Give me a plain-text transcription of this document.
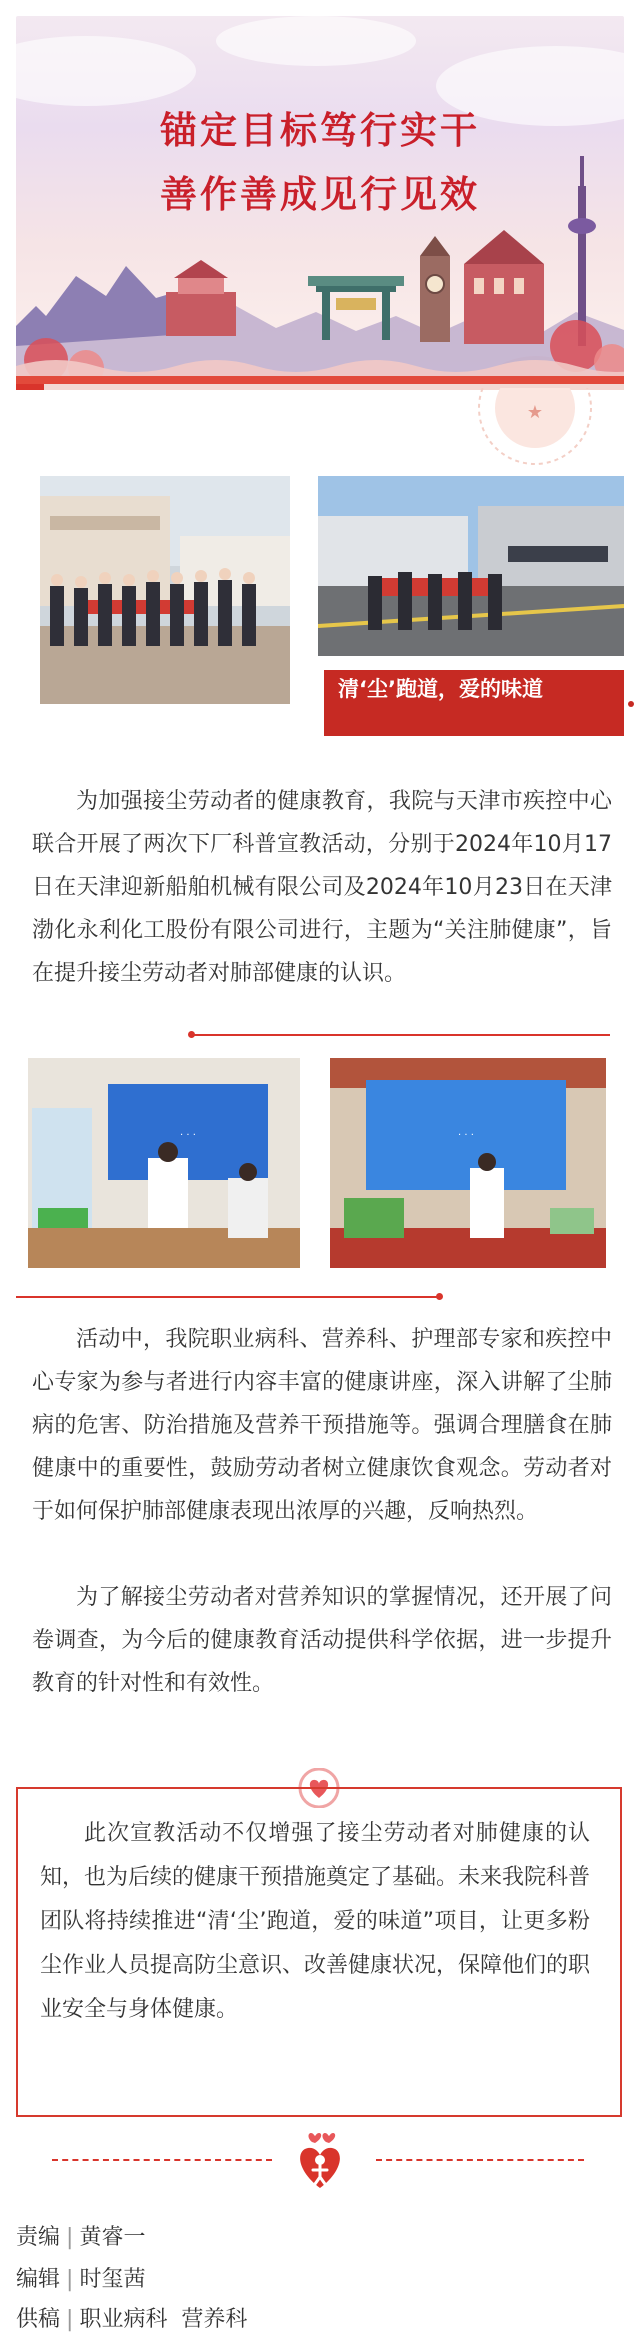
锚定目标笃行实干
善作善成见行见效
★
清‘尘’跑道，爱的味道
为加强接尘劳动者的健康教育，我院与天津市疾控中心联合开展了两次下厂科普宣教活动，分别于2024年10月17日在天津迎新船舶机械有限公司及2024年10月23日在天津渤化永利化工股份有限公司进行，主题为“关注肺健康”，旨在提升接尘劳动者对肺部健康的认识。
· · ·	· · ·
活动中，我院职业病科、营养科、护理部专家和疾控中心专家为参与者进行内容丰富的健康讲座，深入讲解了尘肺病的危害、防治措施及营养干预措施等。强调合理膳食在肺健康中的重要性，鼓励劳动者树立健康饮食观念。劳动者对于如何保护肺部健康表现出浓厚的兴趣，反响热烈。
为了解接尘劳动者对营养知识的掌握情况，还开展了问卷调查，为今后的健康教育活动提供科学依据，进一步提升教育的针对性和有效性。
此次宣教活动不仅增强了接尘劳动者对肺健康的认知，也为后续的健康干预措施奠定了基础。未来我院科普团队将持续推进“清‘尘’跑道，爱的味道”项目，让更多粉尘作业人员提高防尘意识、改善健康状况，保障他们的职业安全与身体健康。
责编 | 黄睿一
编辑 | 时玺茜
供稿 | 职业病科  营养科
